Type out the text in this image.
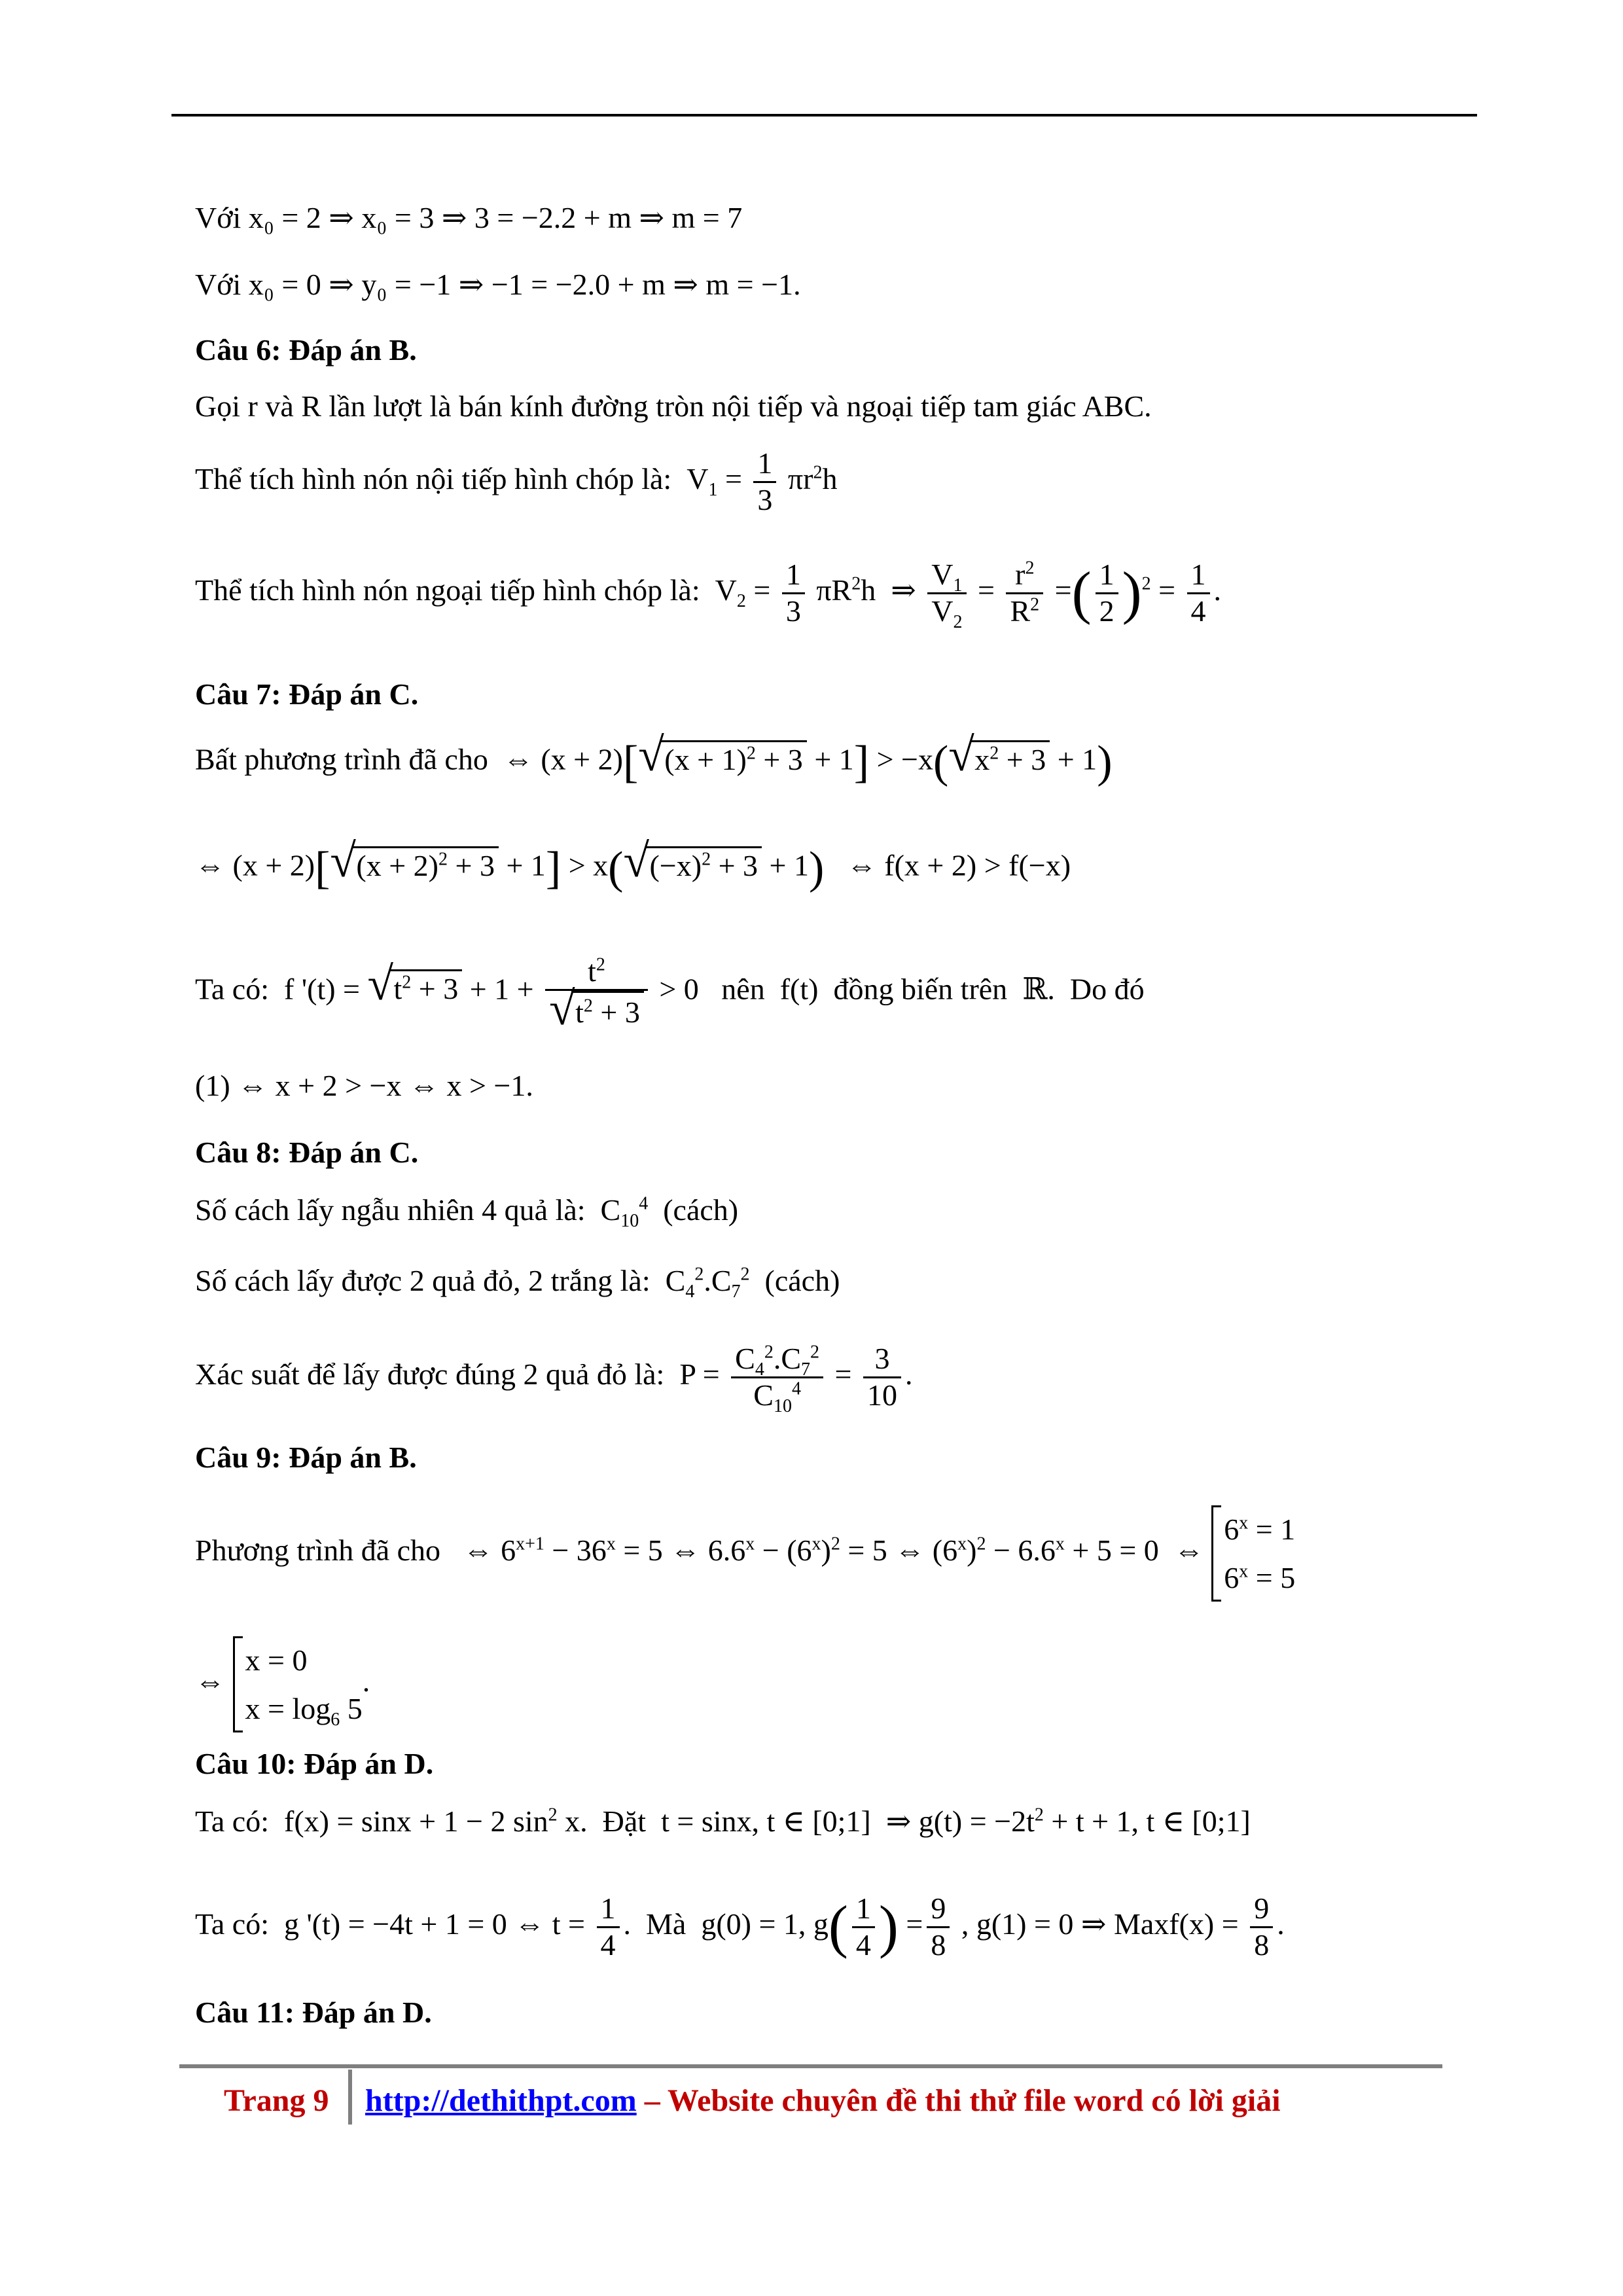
Với x₀ = 2 ⇒ x₀ = 3 ⇒ 3 = −2.2 + m ⇒ m = 7
Với x₀ = 0 ⇒ y₀ = −1 ⇒ −1 = −2.0 + m ⇒ m = −1.
Câu 6: Đáp án B.
Gọi r và R lần lượt là bán kính đường tròn nội tiếp và ngoại tiếp tam giác ABC.
Thể tích hình nón nội tiếp hình chóp là:  $V_1 = \frac{1}{3} \pi r^2h$
Thể tích hình nón ngoại tiếp hình chóp là:  $V_2 = \frac{1}{3} \pi R^2h$  ⇒ $\frac{V_1}{V_2} = \frac{r^2}{R^2}$ =( $\frac{1}{2} )^2 = \frac{1}{4}$ .
Câu 7: Đáp án C.
Bất phương trình đã cho  ⇔ (x + 2)[√ $(x + 1)^2 + 3 + 1] > -x(√$ $x^2 + 3 + 1$)
⇔ (x + 2)[√ $(x + 2)^2 + 3 + 1] > x(√$ $(-x)^2 + 3 + 1$)   ⇔ f(x + 2) > f(−x)
Ta có:  f '(t) = √ $t^2 + 3 + 1 + t^2$
√ $t^2 + 3 > 0$   nên  f(t)  đồng biến trên  ℝ.  Do đó
(1) ⇔ x + 2 > −x ⇔ x > −1.
Câu 8: Đáp án C.
Số cách lấy ngẫu nhiên 4 quả là:  $C_{10}^4$ (cách)
Số cách lấy được 2 quả đỏ, 2 trắng là:  $C_4^2.C_7^2$ (cách)
Xác suất để lấy được đúng 2 quả đỏ là:  $P = \frac{C_4^2.C_7^2}{C_{10}^4} = \frac{3}{10}$ .
Câu 9: Đáp án B.
Phương trình đã cho   ⇔ $6^{x+1} - 36^x = 5$ ⇔ $6.6^x - (6^x)^2 = 5$ ⇔ $(6^x)^2 - 6.6^x + 5 = 0$  ⇔
$6^x = 1$
$6^x = 5$
⇔
x = 0
$x = \log_6 5$
.
Câu 10: Đáp án D.
Ta có:  f(x) = sinx + 1 − 2 $\sin^2 x$.  Đặt  t = sinx, t ∈ [0;1]  ⇒ $g(t) = -2t^2 + t + 1$, t ∈ [0;1]
Ta có:  g '(t) = −4t + 1 = 0 ⇔ $t = \frac{1}{4}$ .  Mà  g(0) = 1, $g( \frac{1}{4}$ ) = $\frac{9}{8}$ , g(1) = 0 ⇒ Maxf(x) = $\frac{9}{8}$ .
Câu 11: Đáp án D.
Trang 9 http://dethithpt.com – Website chuyên đề thi thử file word có lời giải
